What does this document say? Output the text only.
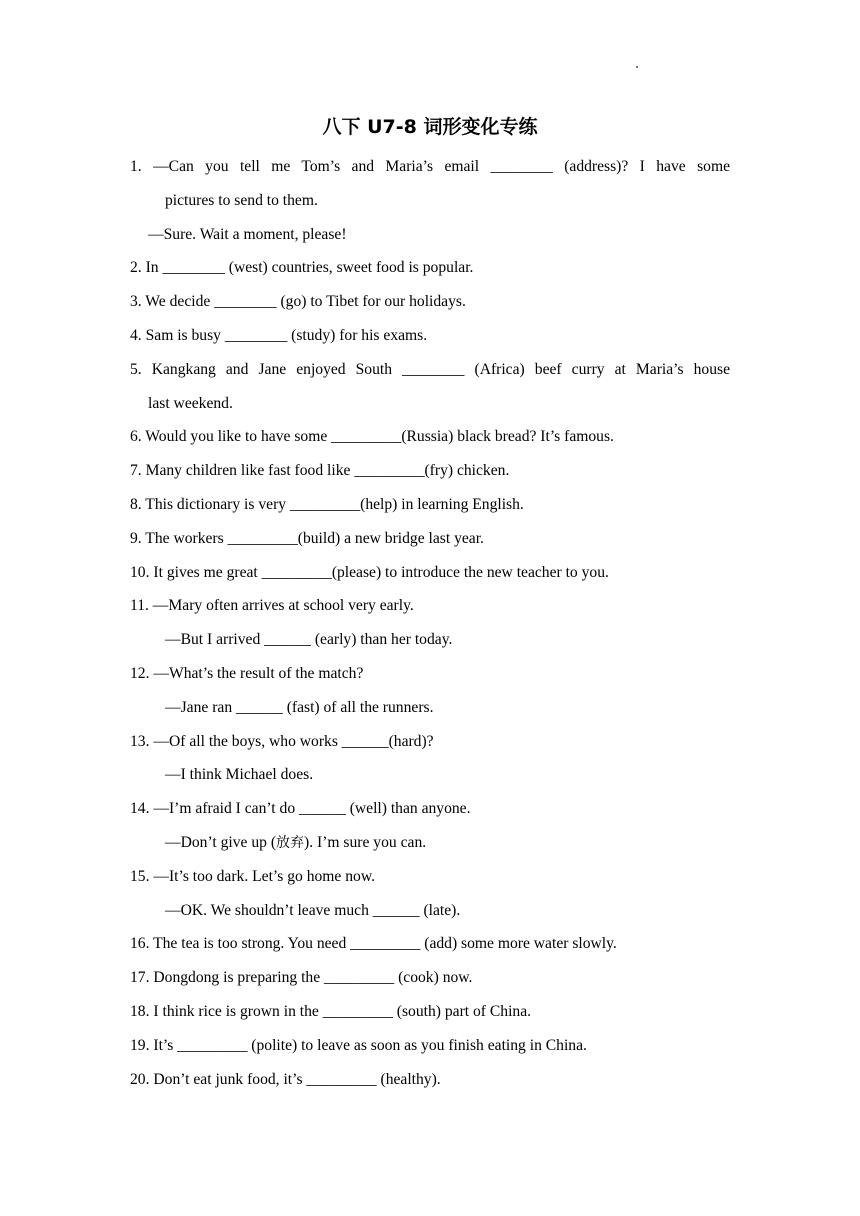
八下 U7-8 词形变化专练
1. —Can you tell me Tom’s and Maria’s email ________ (address)? I have some
pictures to send to them.
—Sure. Wait a moment, please!
2. In ________ (west) countries, sweet food is popular.
3. We decide ________ (go) to Tibet for our holidays.
4. Sam is busy ________ (study) for his exams.
5. Kangkang and Jane enjoyed South ________ (Africa) beef curry at Maria’s house
last weekend.
6. Would you like to have some _________(Russia) black bread? It’s famous.
7. Many children like fast food like _________(fry) chicken.
8. This dictionary is very _________(help) in learning English.
9. The workers _________(build) a new bridge last year.
10. It gives me great _________(please) to introduce the new teacher to you.
11. —Mary often arrives at school very early.
—But I arrived ______ (early) than her today.
12. —What’s the result of the match?
—Jane ran ______ (fast) of all the runners.
13. —Of all the boys, who works ______(hard)?
—I think Michael does.
14. —I’m afraid I can’t do ______ (well) than anyone.
—Don’t give up (放弃). I’m sure you can.
15. —It’s too dark. Let’s go home now.
—OK. We shouldn’t leave much ______ (late).
16. The tea is too strong. You need _________ (add) some more water slowly.
17. Dongdong is preparing the _________ (cook) now.
18. I think rice is grown in the _________ (south) part of China.
19. It’s _________ (polite) to leave as soon as you finish eating in China.
20. Don’t eat junk food, it’s _________ (healthy).
